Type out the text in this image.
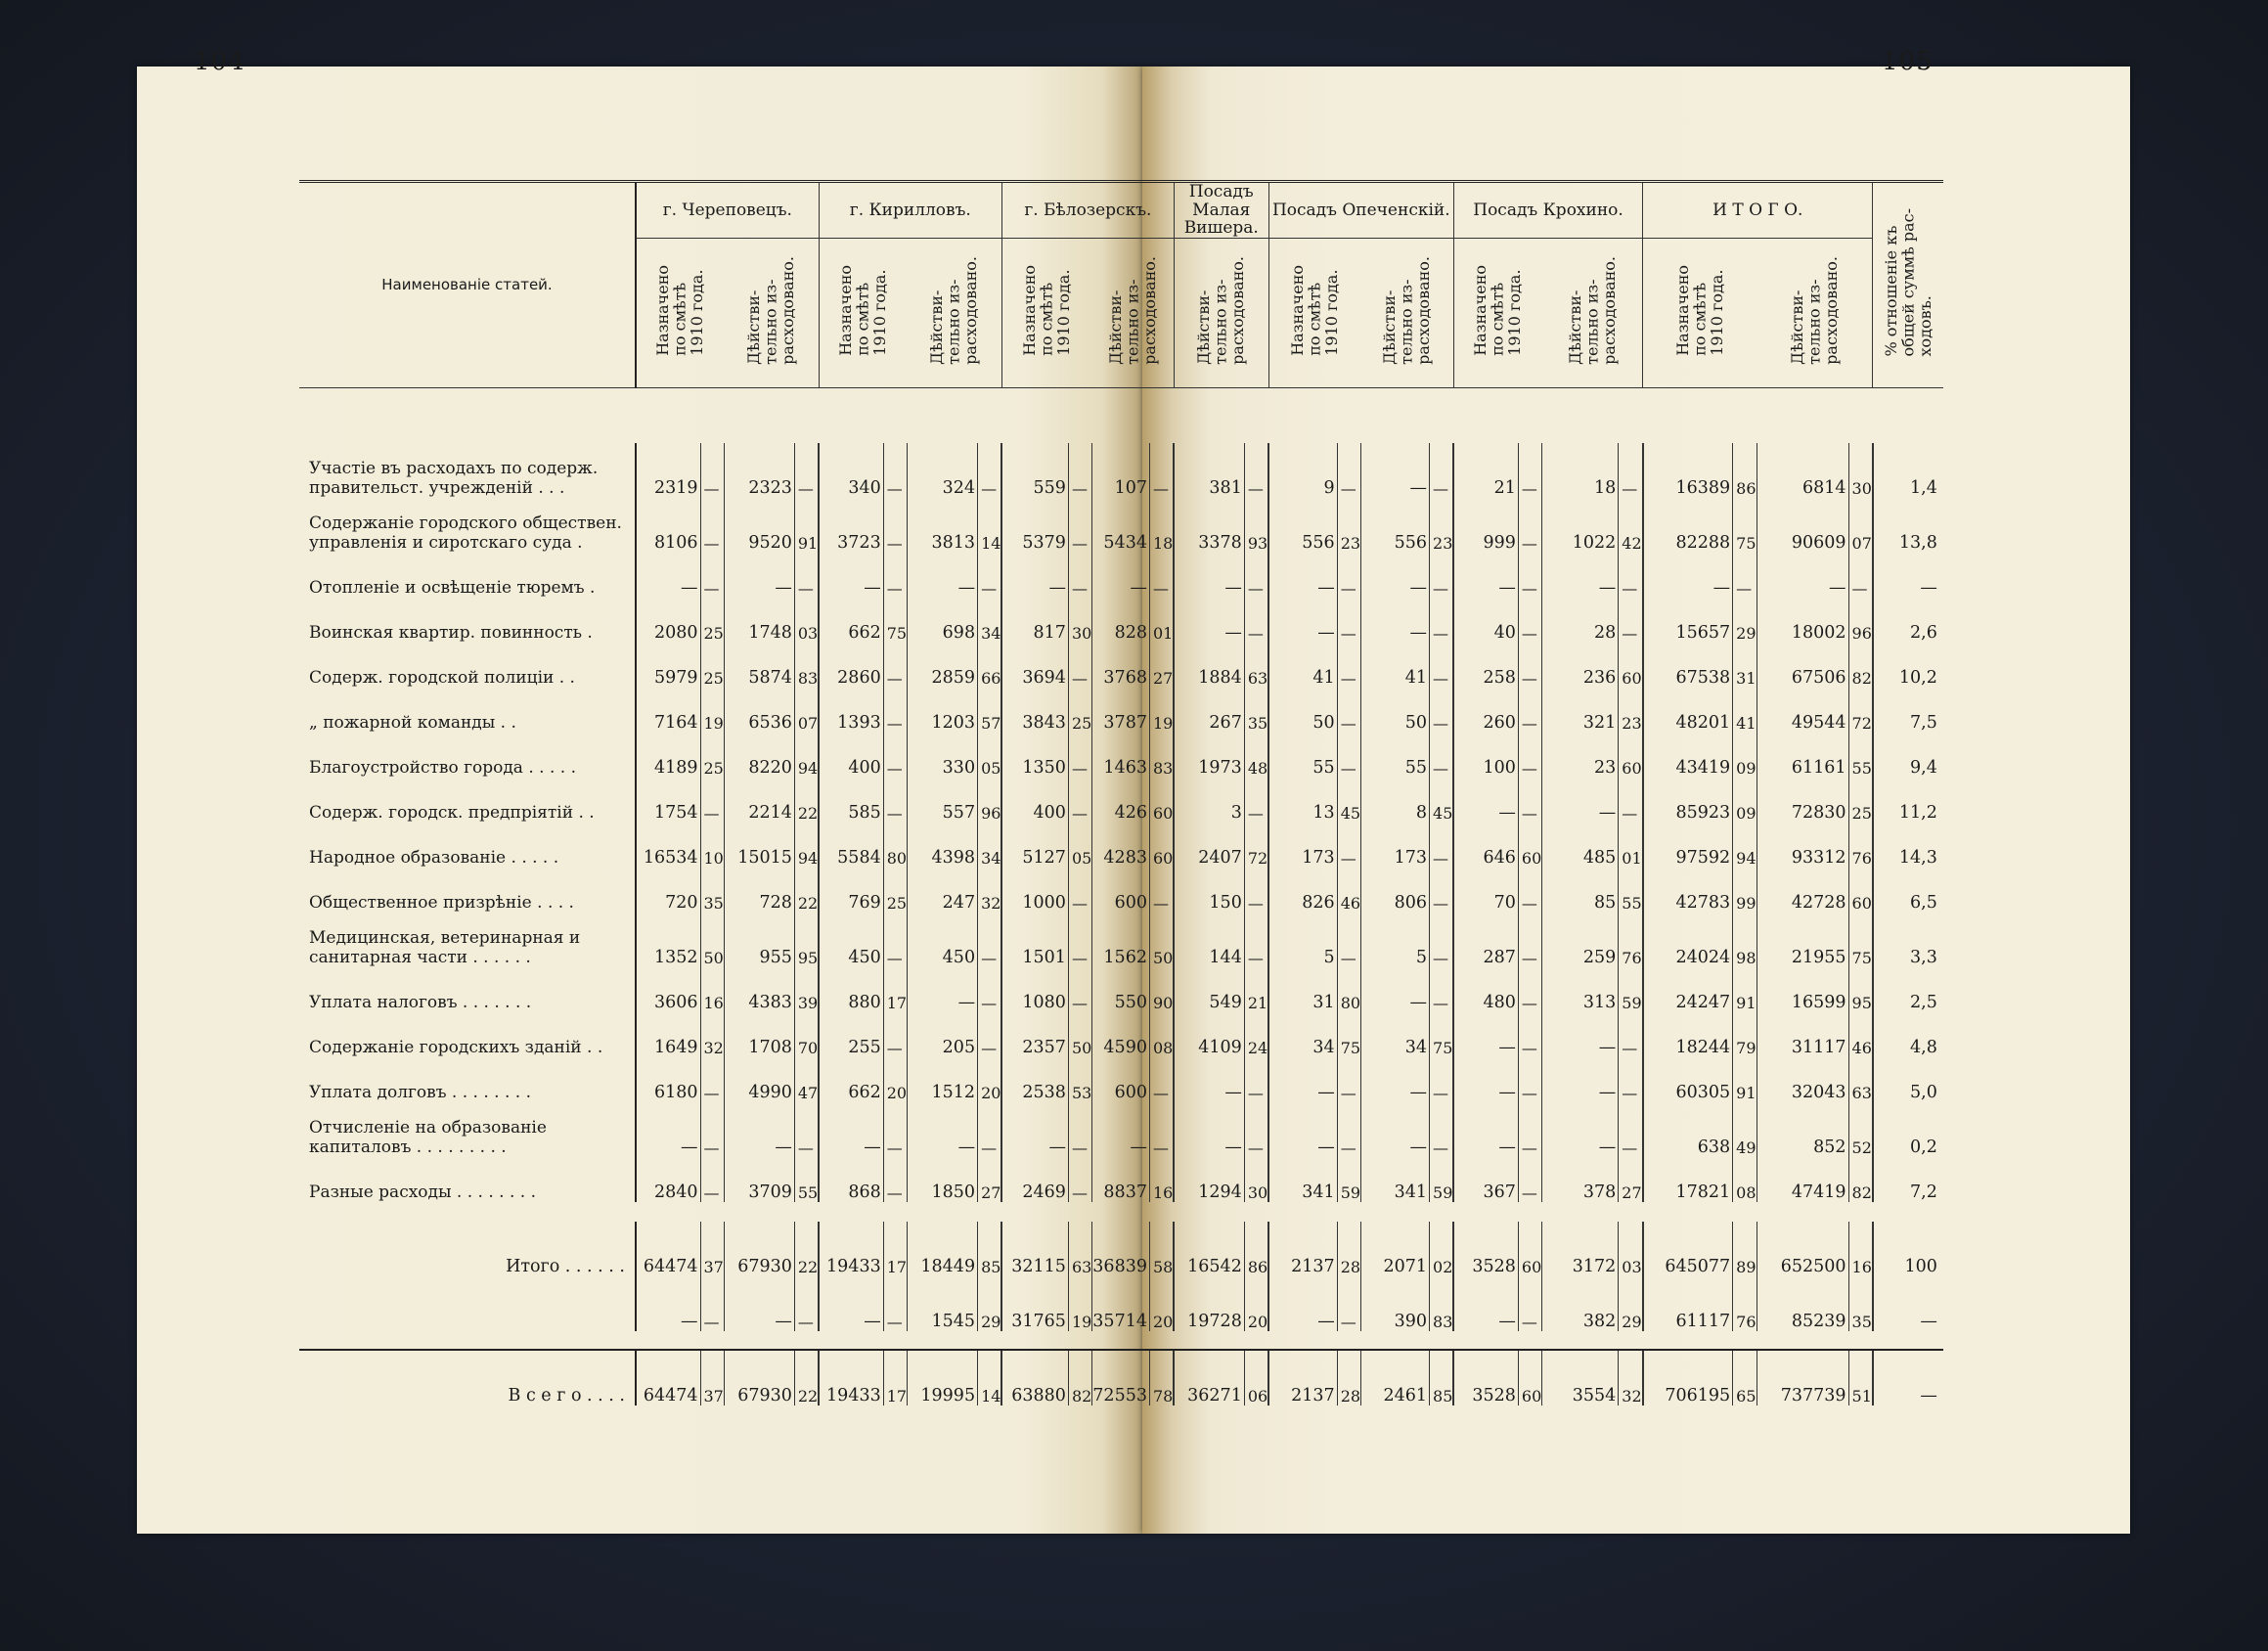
104	105
Наименованіе статей.	г. Череповецъ.				г. Кирилловъ.				г. Бѣлозерскъ.				Посадъ Малая Вишера.		Посадъ Опеченскій.				Посадъ Крохино.				И Т О Г О.				% отношеніе къ
общей суммѣ рас-
ходовъ.
	Назначено
по смѣтѣ
1910 года.		Дѣйстви-
тельно из-
расходовано.		Назначено
по смѣтѣ
1910 года.		Дѣйстви-
тельно из-
расходовано.		Назначено
по смѣтѣ
1910 года.		Дѣйстви-
тельно из-
расходовано.		Дѣйстви-
тельно из-
расходовано.		Назначено
по смѣтѣ
1910 года.		Дѣйстви-
тельно из-
расходовано.		Назначено
по смѣтѣ
1910 года.		Дѣйстви-
тельно из-
расходовано.		Назначено
по смѣтѣ
1910 года.		Дѣйстви-
тельно из-
расходовано.		

Участіе въ расходахъ по содерж. правительст. учрежденій . . .	2319	—	2323	—	340	—	324	—	559	—	107	—	381	—	9	—	—	—	21	—	18	—	16389	86	6814	30	1,4
Содержаніе городского обществен. управленія и сиротскаго суда .	8106	—	9520	91	3723	—	3813	14	5379	—	5434	18	3378	93	556	23	556	23	999	—	1022	42	82288	75	90609	07	13,8
Отопленіе и освѣщеніе тюремъ .	—	—	—	—	—	—	—	—	—	—	—	—	—	—	—	—	—	—	—	—	—	—	—	—	—	—	—
Воинская квартир. повинность .	2080	25	1748	03	662	75	698	34	817	30	828	01	—	—	—	—	—	—	40	—	28	—	15657	29	18002	96	2,6
Содерж. городской полиціи . .	5979	25	5874	83	2860	—	2859	66	3694	—	3768	27	1884	63	41	—	41	—	258	—	236	60	67538	31	67506	82	10,2
„ пожарной команды . .	7164	19	6536	07	1393	—	1203	57	3843	25	3787	19	267	35	50	—	50	—	260	—	321	23	48201	41	49544	72	7,5
Благоустройство города . . . . .	4189	25	8220	94	400	—	330	05	1350	—	1463	83	1973	48	55	—	55	—	100	—	23	60	43419	09	61161	55	9,4
Содерж. городск. предпріятій . .	1754	—	2214	22	585	—	557	96	400	—	426	60	3	—	13	45	8	45	—	—	—	—	85923	09	72830	25	11,2
Народное образованіе . . . . .	16534	10	15015	94	5584	80	4398	34	5127	05	4283	60	2407	72	173	—	173	—	646	60	485	01	97592	94	93312	76	14,3
Общественное призрѣніе . . . .	720	35	728	22	769	25	247	32	1000	—	600	—	150	—	826	46	806	—	70	—	85	55	42783	99	42728	60	6,5
Медицинская, ветеринарная и санитарная части . . . . . .	1352	50	955	95	450	—	450	—	1501	—	1562	50	144	—	5	—	5	—	287	—	259	76	24024	98	21955	75	3,3
Уплата налоговъ . . . . . . .	3606	16	4383	39	880	17	—	—	1080	—	550	90	549	21	31	80	—	—	480	—	313	59	24247	91	16599	95	2,5
Содержаніе городскихъ зданій . .	1649	32	1708	70	255	—	205	—	2357	50	4590	08	4109	24	34	75	34	75	—	—	—	—	18244	79	31117	46	4,8
Уплата долговъ . . . . . . . .	6180	—	4990	47	662	20	1512	20	2538	53	600	—	—	—	—	—	—	—	—	—	—	—	60305	91	32043	63	5,0
Отчисленіе на образованіе капиталовъ . . . . . . . . .	—	—	—	—	—	—	—	—	—	—	—	—	—	—	—	—	—	—	—	—	—	—	638	49	852	52	0,2
Разные расходы . . . . . . . .	2840	—	3709	55	868	—	1850	27	2469	—	8837	16	1294	30	341	59	341	59	367	—	378	27	17821	08	47419	82	7,2

Итого . . . . . .	64474	37	67930	22	19433	17	18449	85	32115	63	36839	58	16542	86	2137	28	2071	02	3528	60	3172	03	645077	89	652500	16	100
	—	—	—	—	—	—	1545	29	31765	19	35714	20	19728	20	—	—	390	83	—	—	382	29	61117	76	85239	35	—

В с е г о . . . .	64474	37	67930	22	19433	17	19995	14	63880	82	72553	78	36271	06	2137	28	2461	85	3528	60	3554	32	706195	65	737739	51	—
